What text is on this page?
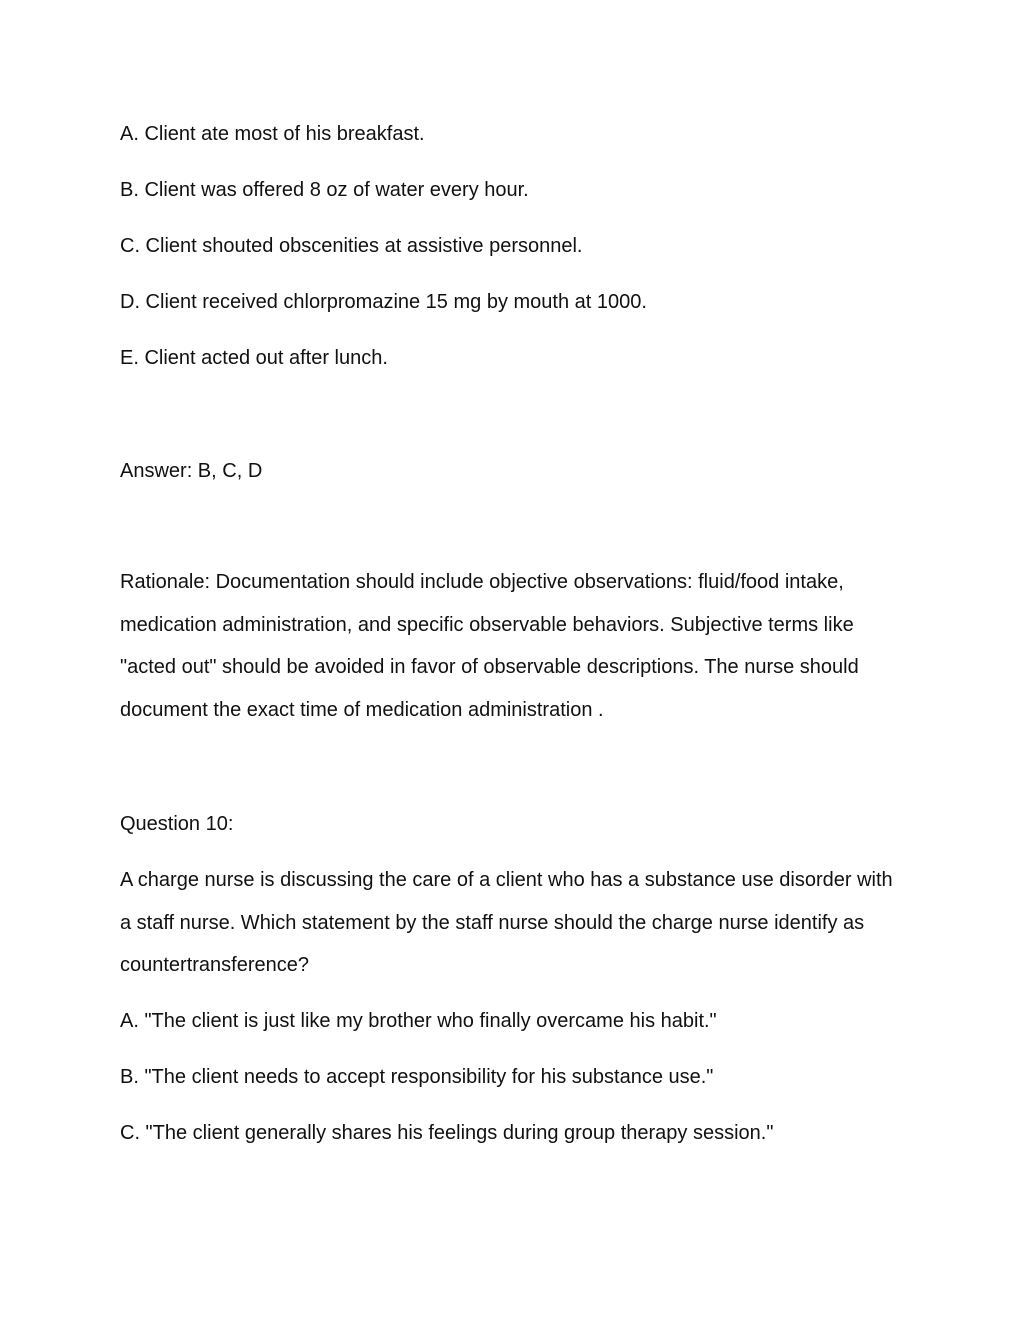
A. Client ate most of his breakfast.

B. Client was offered 8 oz of water every hour.

C. Client shouted obscenities at assistive personnel.

D. Client received chlorpromazine 15 mg by mouth at 1000.

E. Client acted out after lunch.

Answer: B, C, D

Rationale: Documentation should include objective observations: fluid/food intake, medication administration, and specific observable behaviors. Subjective terms like "acted out" should be avoided in favor of observable descriptions. The nurse should document the exact time of medication administration .

Question 10:

A charge nurse is discussing the care of a client who has a substance use disorder with a staff nurse. Which statement by the staff nurse should the charge nurse identify as countertransference?

A. "The client is just like my brother who finally overcame his habit."

B. "The client needs to accept responsibility for his substance use."

C. "The client generally shares his feelings during group therapy session."
